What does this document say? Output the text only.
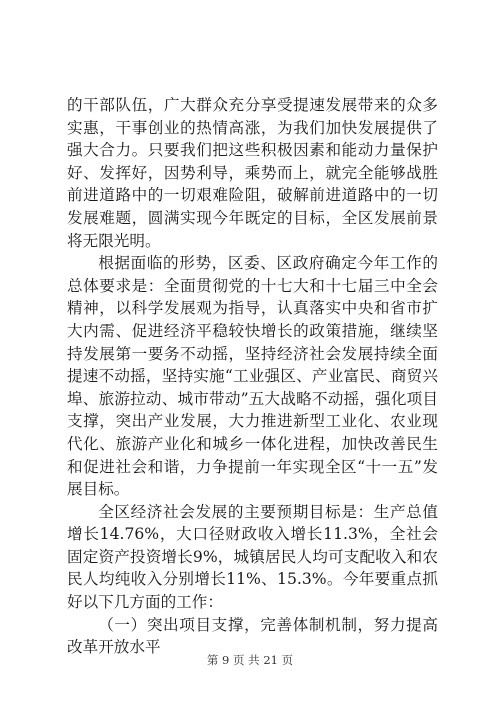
的干部队伍，广大群众充分享受提速发展带来的众多实惠，干事创业的热情高涨，为我们加快发展提供了强大合力。只要我们把这些积极因素和能动力量保护好、发挥好，因势利导，乘势而上，就完全能够战胜前进道路中的一切艰难险阻，破解前进道路中的一切发展难题，圆满实现今年既定的目标，全区发展前景将无限光明。

根据面临的形势，区委、区政府确定今年工作的总体要求是：全面贯彻党的十七大和十七届三中全会精神，以科学发展观为指导，认真落实中央和省市扩大内需、促进经济平稳较快增长的政策措施，继续坚持发展第一要务不动摇，坚持经济社会发展持续全面提速不动摇，坚持实施“工业强区、产业富民、商贸兴埠、旅游拉动、城市带动”五大战略不动摇，强化项目支撑，突出产业发展，大力推进新型工业化、农业现代化、旅游产业化和城乡一体化进程，加快改善民生和促进社会和谐，力争提前一年实现全区“十一五”发展目标。

全区经济社会发展的主要预期目标是：生产总值增长14.76%，大口径财政收入增长11.3%，全社会固定资产投资增长9%，城镇居民人均可支配收入和农民人均纯收入分别增长11%、15.3%。今年要重点抓好以下几方面的工作：

（一）突出项目支撑，完善体制机制，努力提高改革开放水平

第 9 页 共 21 页
